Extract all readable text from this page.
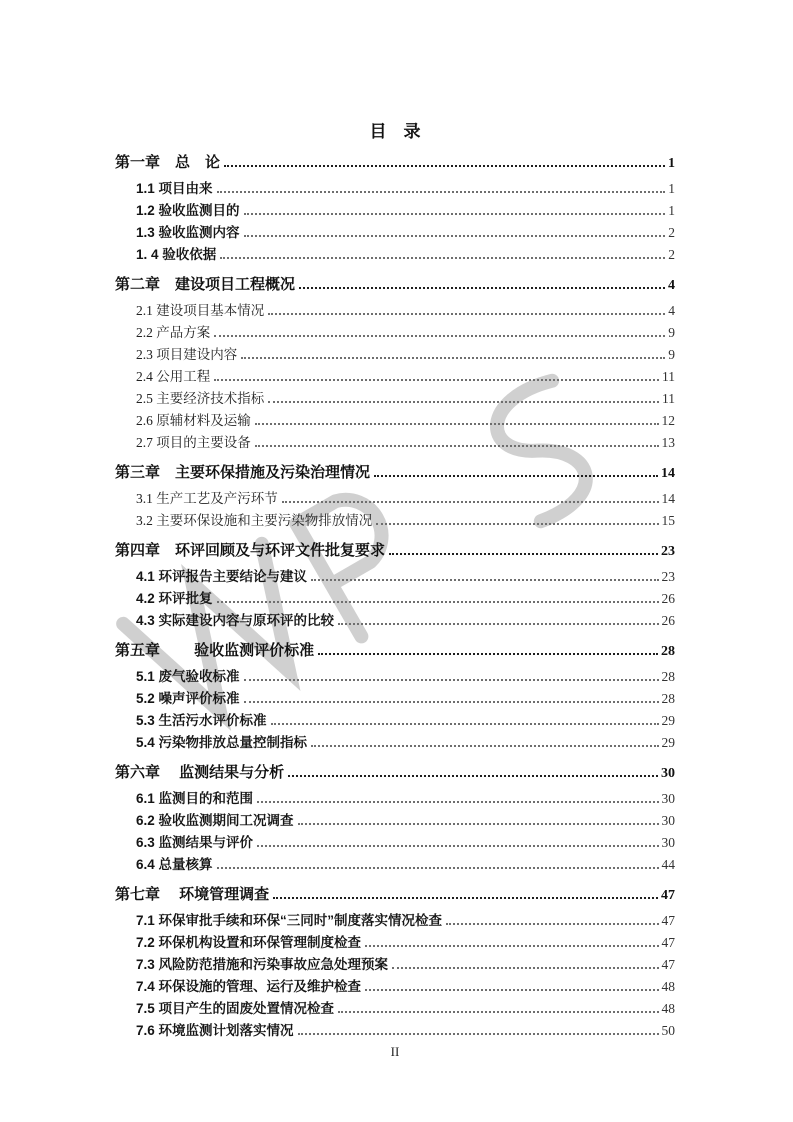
目　录
第一章　总　论	1
1.1 项目由来	1
1.2 验收监测目的	1
1.3 验收监测内容	2
1. 4 验收依据	2
第二章　建设项目工程概况	4
2.1 建设项目基本情况	4
2.2 产品方案	9
2.3 项目建设内容	9
2.4 公用工程	11
2.5 主要经济技术指标	11
2.6 原辅材料及运输	12
2.7 项目的主要设备	13
第三章　主要环保措施及污染治理情况	14
3.1 生产工艺及产污环节	14
3.2 主要环保设施和主要污染物排放情况	15
第四章　环评回顾及与环评文件批复要求	23
4.1 环评报告主要结论与建议	23
4.2 环评批复	26
4.3 实际建设内容与原环评的比较	26
第五章　　 验收监测评价标准	28
5.1 废气验收标准	28
5.2 噪声评价标准	28
5.3 生活污水评价标准	29
5.4 污染物排放总量控制指标	29
第六章　 监测结果与分析	30
6.1 监测目的和范围	30
6.2 验收监测期间工况调查	30
6.3 监测结果与评价	30
6.4 总量核算	44
第七章　 环境管理调查	47
7.1 环保审批手续和环保“三同时”制度落实情况检查	47
7.2 环保机构设置和环保管理制度检查	47
7.3 风险防范措施和污染事故应急处理预案	47
7.4 环保设施的管理、运行及维护检查	48
7.5 项目产生的固废处置情况检查	48
7.6 环境监测计划落实情况	50
II
